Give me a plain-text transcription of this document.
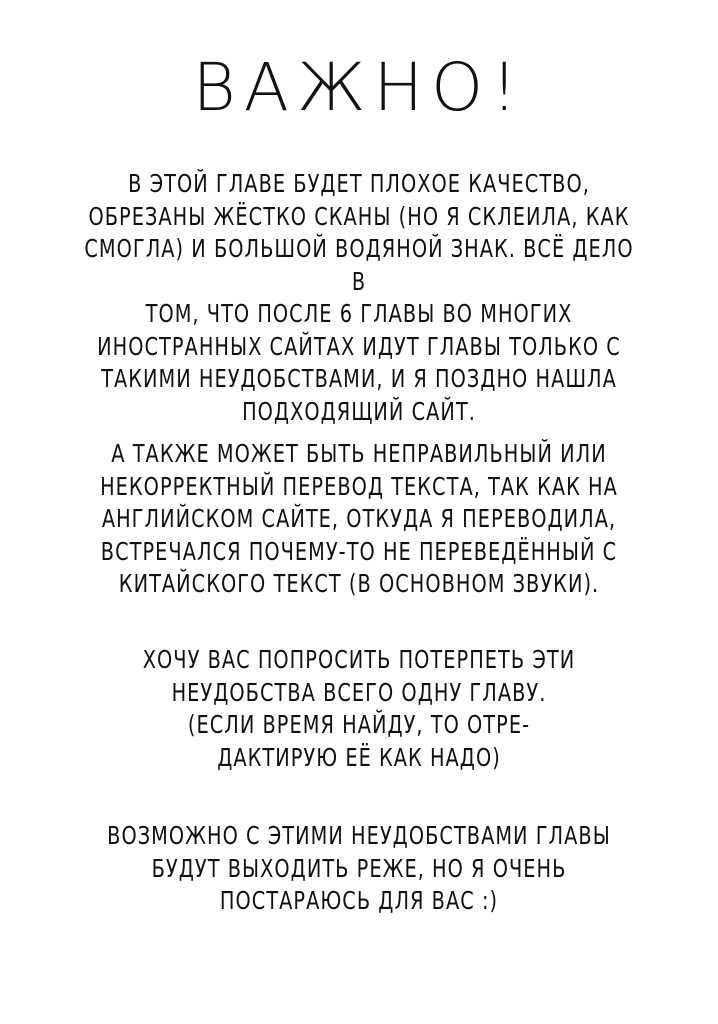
ВАЖНО!
В ЭТОЙ ГЛАВЕ БУДЕТ ПЛОХОЕ КАЧЕСТВО,
ОБРЕЗАНЫ ЖЁСТКО СКАНЫ (НО Я СКЛЕИЛА, КАК
СМОГЛА) И БОЛЬШОЙ ВОДЯНОЙ ЗНАК. ВСЁ ДЕЛО В
ТОМ, ЧТО ПОСЛЕ 6 ГЛАВЫ ВО МНОГИХ
ИНОСТРАННЫХ САЙТАХ ИДУТ ГЛАВЫ ТОЛЬКО С
ТАКИМИ НЕУДОБСТВАМИ, И Я ПОЗДНО НАШЛА
ПОДХОДЯЩИЙ САЙТ.
А ТАКЖЕ МОЖЕТ БЫТЬ НЕПРАВИЛЬНЫЙ ИЛИ
НЕКОРРЕКТНЫЙ ПЕРЕВОД ТЕКСТА, ТАК КАК НА
АНГЛИЙСКОМ САЙТЕ, ОТКУДА Я ПЕРЕВОДИЛА,
ВСТРЕЧАЛСЯ ПОЧЕМУ-ТО НЕ ПЕРЕВЕДЁННЫЙ С
КИТАЙСКОГО ТЕКСТ (В ОСНОВНОМ ЗВУКИ).
ХОЧУ ВАС ПОПРОСИТЬ ПОТЕРПЕТЬ ЭТИ
НЕУДОБСТВА ВСЕГО ОДНУ ГЛАВУ.
(ЕСЛИ ВРЕМЯ НАЙДУ, ТО ОТРЕ-
ДАКТИРУЮ ЕЁ КАК НАДО)
ВОЗМОЖНО С ЭТИМИ НЕУДОБСТВАМИ ГЛАВЫ
БУДУТ ВЫХОДИТЬ РЕЖЕ, НО Я ОЧЕНЬ
ПОСТАРАЮСЬ ДЛЯ ВАС :)
